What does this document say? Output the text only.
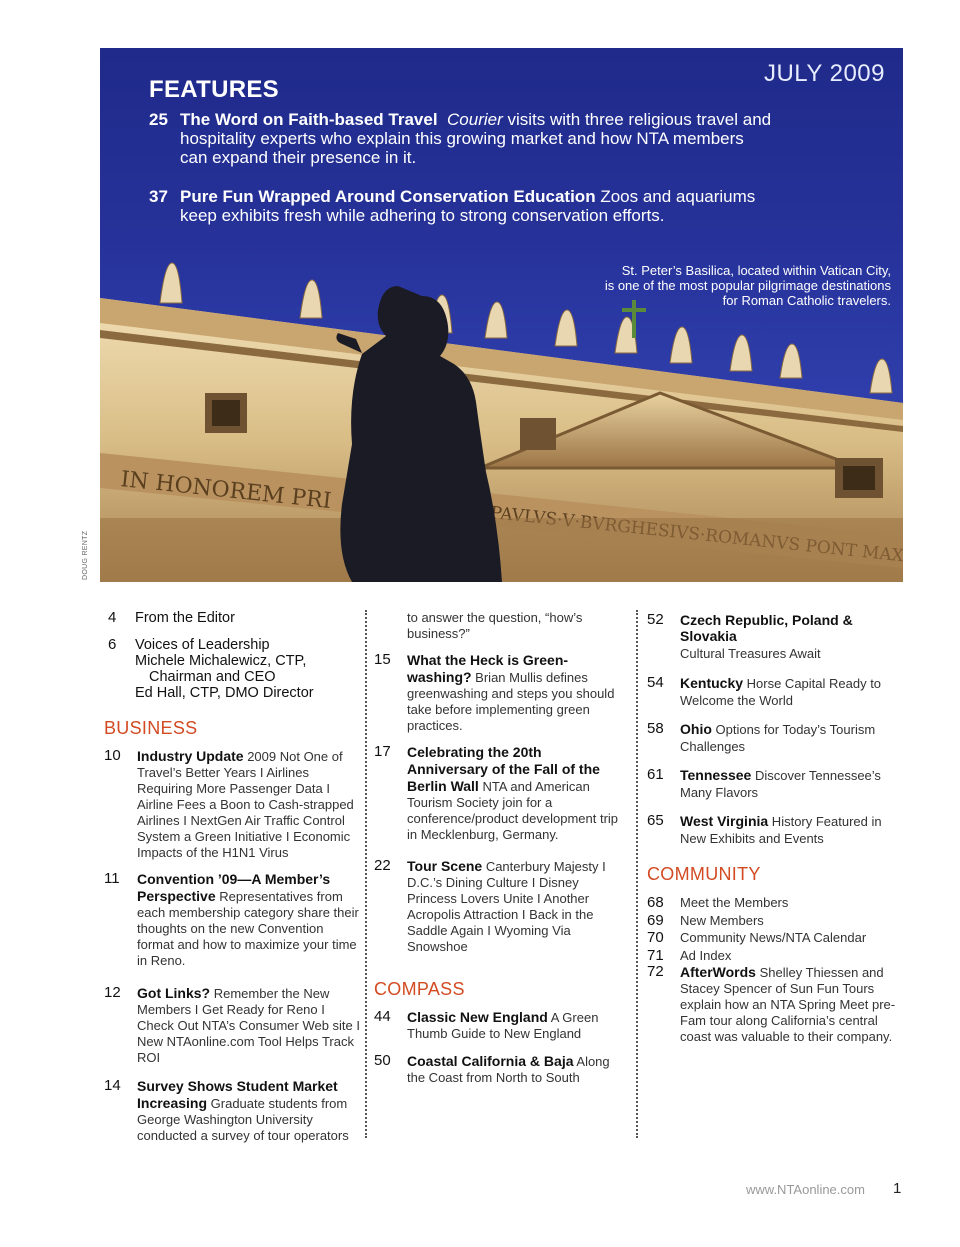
IN HONOREM PRI
JULY 2009
FEATURES
25 The Word on Faith-based Travel Courier visits with three religious travel and
hospitality experts who explain this growing market and how NTA members
can expand their presence in it.
37 Pure Fun Wrapped Around Conservation Education Zoos and aquariums
keep exhibits fresh while adhering to strong conservation efforts.
St. Peter’s Basilica, located within Vatican City,
is one of the most popular pilgrimage destinations
for Roman Catholic travelers.
DOUG RENTZ
4	From the Editor
6 Voices of Leadership
Michele Michalewicz, CTP,
Chairman and CEO
Ed Hall, CTP, DMO Director
BUSINESS
10	Industry Update 2009 Not One of Travel’s Better Years I Airlines Requiring More Passenger Data I Airline Fees a Boon to Cash-strapped Airlines I NextGen Air Traffic Control System a Green Initiative I Economic Impacts of the H1N1 Virus
11	Convention ’09—A Member’s Perspective Representatives from each membership category share their thoughts on the new Convention format and how to maximize your time in Reno.
12	Got Links? Remember the New Members I Get Ready for Reno I Check Out NTA’s Consumer Web site I New NTAonline.com Tool Helps Track ROI
14	Survey Shows Student Market Increasing Graduate students from George Washington University conducted a survey of tour operators
to answer the question, “how’s business?”
15	What the Heck is Green-washing? Brian Mullis defines greenwashing and steps you should take before implementing green practices.
17	Celebrating the 20th Anniversary of the Fall of the Berlin Wall NTA and American Tourism Society join for a conference/product development trip in Mecklenburg, Germany.
22	Tour Scene Canterbury Majesty I D.C.’s Dining Culture I Disney Princess Lovers Unite I Another Acropolis Attraction I Back in the Saddle Again I Wyoming Via Snowshoe
COMPASS
44	Classic New England A Green Thumb Guide to New England
50	Coastal California & Baja Along the Coast from North to South
52 Czech Republic, Poland & Slovakia
Cultural Treasures Await
54	Kentucky Horse Capital Ready to Welcome the World
58	Ohio Options for Today’s Tourism Challenges
61	Tennessee Discover Tennessee’s Many Flavors
65	West Virginia History Featured in New Exhibits and Events
COMMUNITY
68	Meet the Members
69	New Members
70	Community News/NTA Calendar
71	Ad Index
72	AfterWords Shelley Thiessen and Stacey Spencer of Sun Fun Tours explain how an NTA Spring Meet pre-Fam tour along California’s central coast was valuable to their company.
www.NTAonline.com 1
